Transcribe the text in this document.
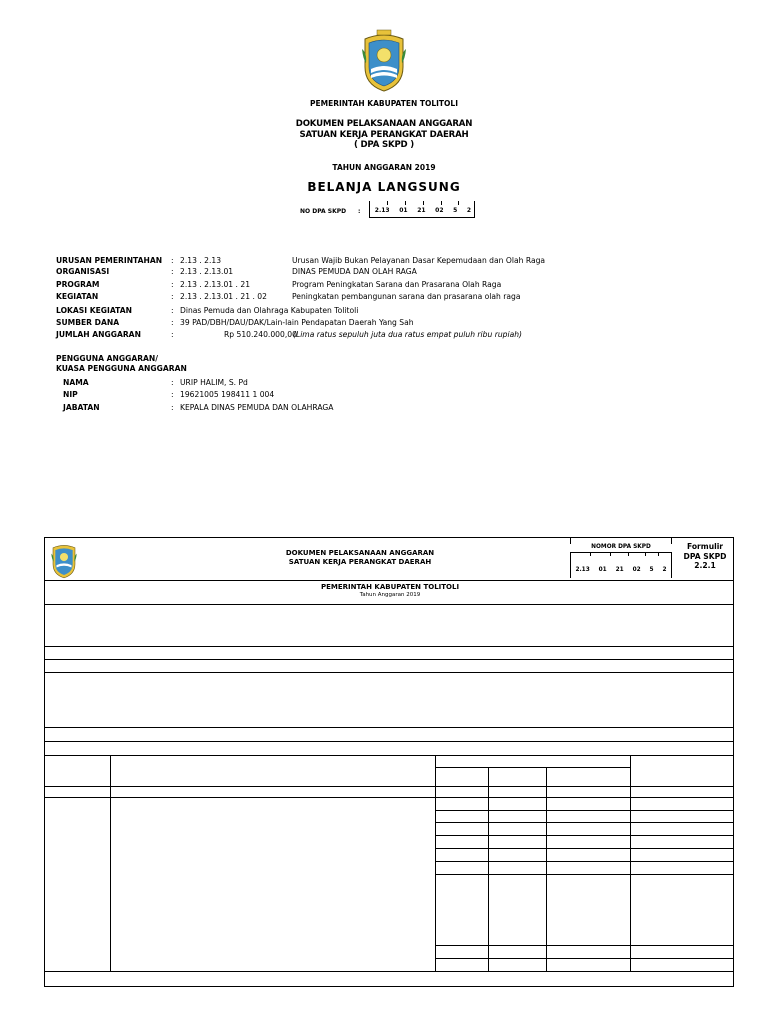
PEMERINTAH KABUPATEN TOLITOLI
DOKUMEN PELAKSANAAN ANGGARAN
SATUAN KERJA PERANGKAT DAERAH
( DPA SKPD )
TAHUN ANGGARAN 2019
BELANJA LANGSUNG
NO DPA SKPD : 2.13 01 21 02 5 2
URUSAN PEMERINTAHAN : 2.13 . 2.13	Urusan Wajib Bukan Pelayanan Dasar Kepemudaan dan Olah Raga
ORGANISASI	: 2.13 . 2.13.01	DINAS PEMUDA DAN OLAH RAGA
PROGRAM	: 2.13 . 2.13.01 . 21	Program Peningkatan Sarana dan Prasarana Olah Raga
KEGIATAN	: 2.13 . 2.13.01 . 21 . 02	Peningkatan pembangunan sarana dan prasarana olah raga
LOKASI KEGIATAN	: Dinas Pemuda dan Olahraga Kabupaten Tolitoli
SUMBER DANA	: 39 PAD/DBH/DAU/DAK/Lain-lain Pendapatan Daerah Yang Sah
JUMLAH ANGGARAN	:	Rp 510.240.000,00
(Lima ratus sepuluh juta dua ratus empat puluh ribu rupiah)
PENGGUNA ANGGARAN/
KUASA PENGGUNA ANGGARAN
NAMA	: URIP HALIM, S. Pd
NIP	: 19621005 198411 1 004
JABATAN	: KEPALA DINAS PEMUDA DAN OLAHRAGA
DOKUMEN PELAKSANAAN ANGGARAN
SATUAN KERJA PERANGKAT DAERAH
NOMOR DPA SKPD
2.13 01 21 02 5 2
Formulir
DPA SKPD
2.2.1
PEMERINTAH KABUPATEN TOLITOLI
Tahun Anggaran 2019
